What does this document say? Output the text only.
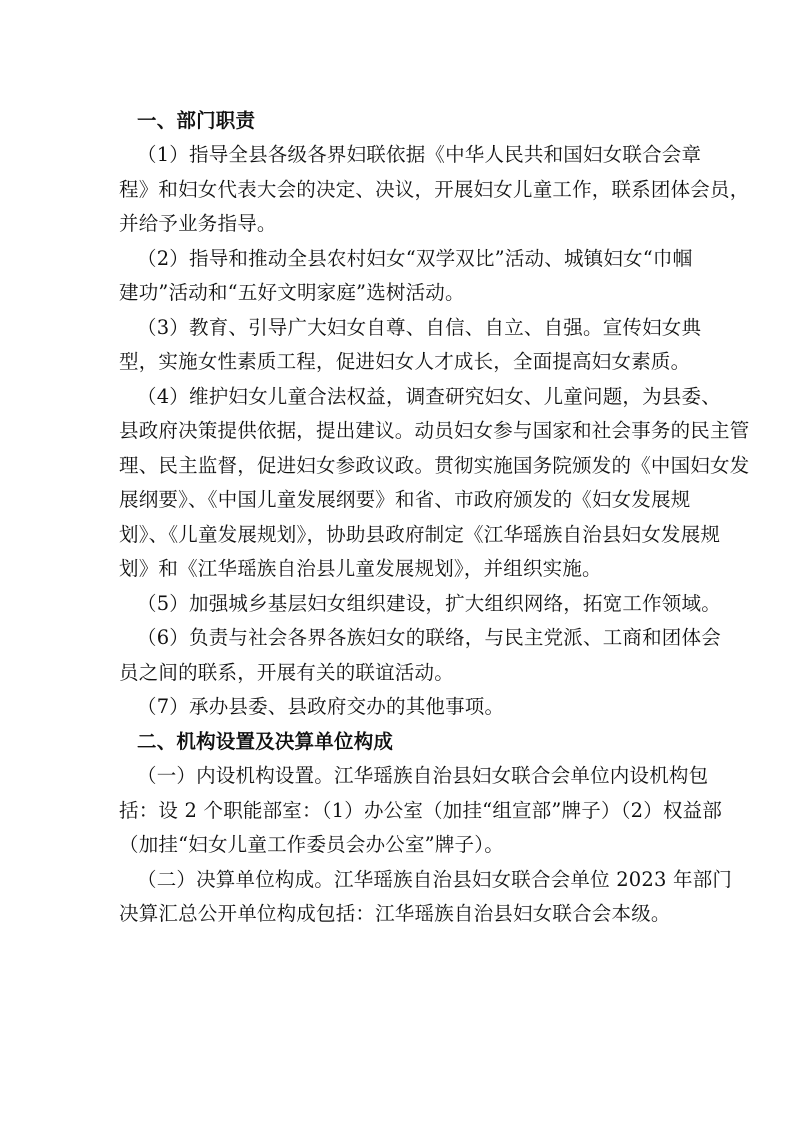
一、部门职责
（1）指导全县各级各界妇联依据《中华人民共和国妇女联合会章
程》和妇女代表大会的决定、决议，开展妇女儿童工作，联系团体会员，
并给予业务指导。
（2）指导和推动全县农村妇女“双学双比”活动、城镇妇女“巾帼
建功”活动和“五好文明家庭”选树活动。
（3）教育、引导广大妇女自尊、自信、自立、自强。宣传妇女典
型，实施女性素质工程，促进妇女人才成长，全面提高妇女素质。
（4）维护妇女儿童合法权益，调查研究妇女、儿童问题，为县委、
县政府决策提供依据，提出建议。动员妇女参与国家和社会事务的民主管
理、民主监督，促进妇女参政议政。贯彻实施国务院颁发的《中国妇女发
展纲要》、《中国儿童发展纲要》和省、市政府颁发的《妇女发展规
划》、《儿童发展规划》，协助县政府制定《江华瑶族自治县妇女发展规
划》和《江华瑶族自治县儿童发展规划》，并组织实施。
（5）加强城乡基层妇女组织建设，扩大组织网络，拓宽工作领域。
（6）负责与社会各界各族妇女的联络，与民主党派、工商和团体会
员之间的联系，开展有关的联谊活动。
（7）承办县委、县政府交办的其他事项。
二、机构设置及决算单位构成
（一）内设机构设置。江华瑶族自治县妇女联合会单位内设机构包
括：设 2 个职能部室：（1）办公室（加挂“组宣部”牌子）（2）权益部
（加挂“妇女儿童工作委员会办公室”牌子）。
（二）决算单位构成。江华瑶族自治县妇女联合会单位 2023 年部门
决算汇总公开单位构成包括：江华瑶族自治县妇女联合会本级。
